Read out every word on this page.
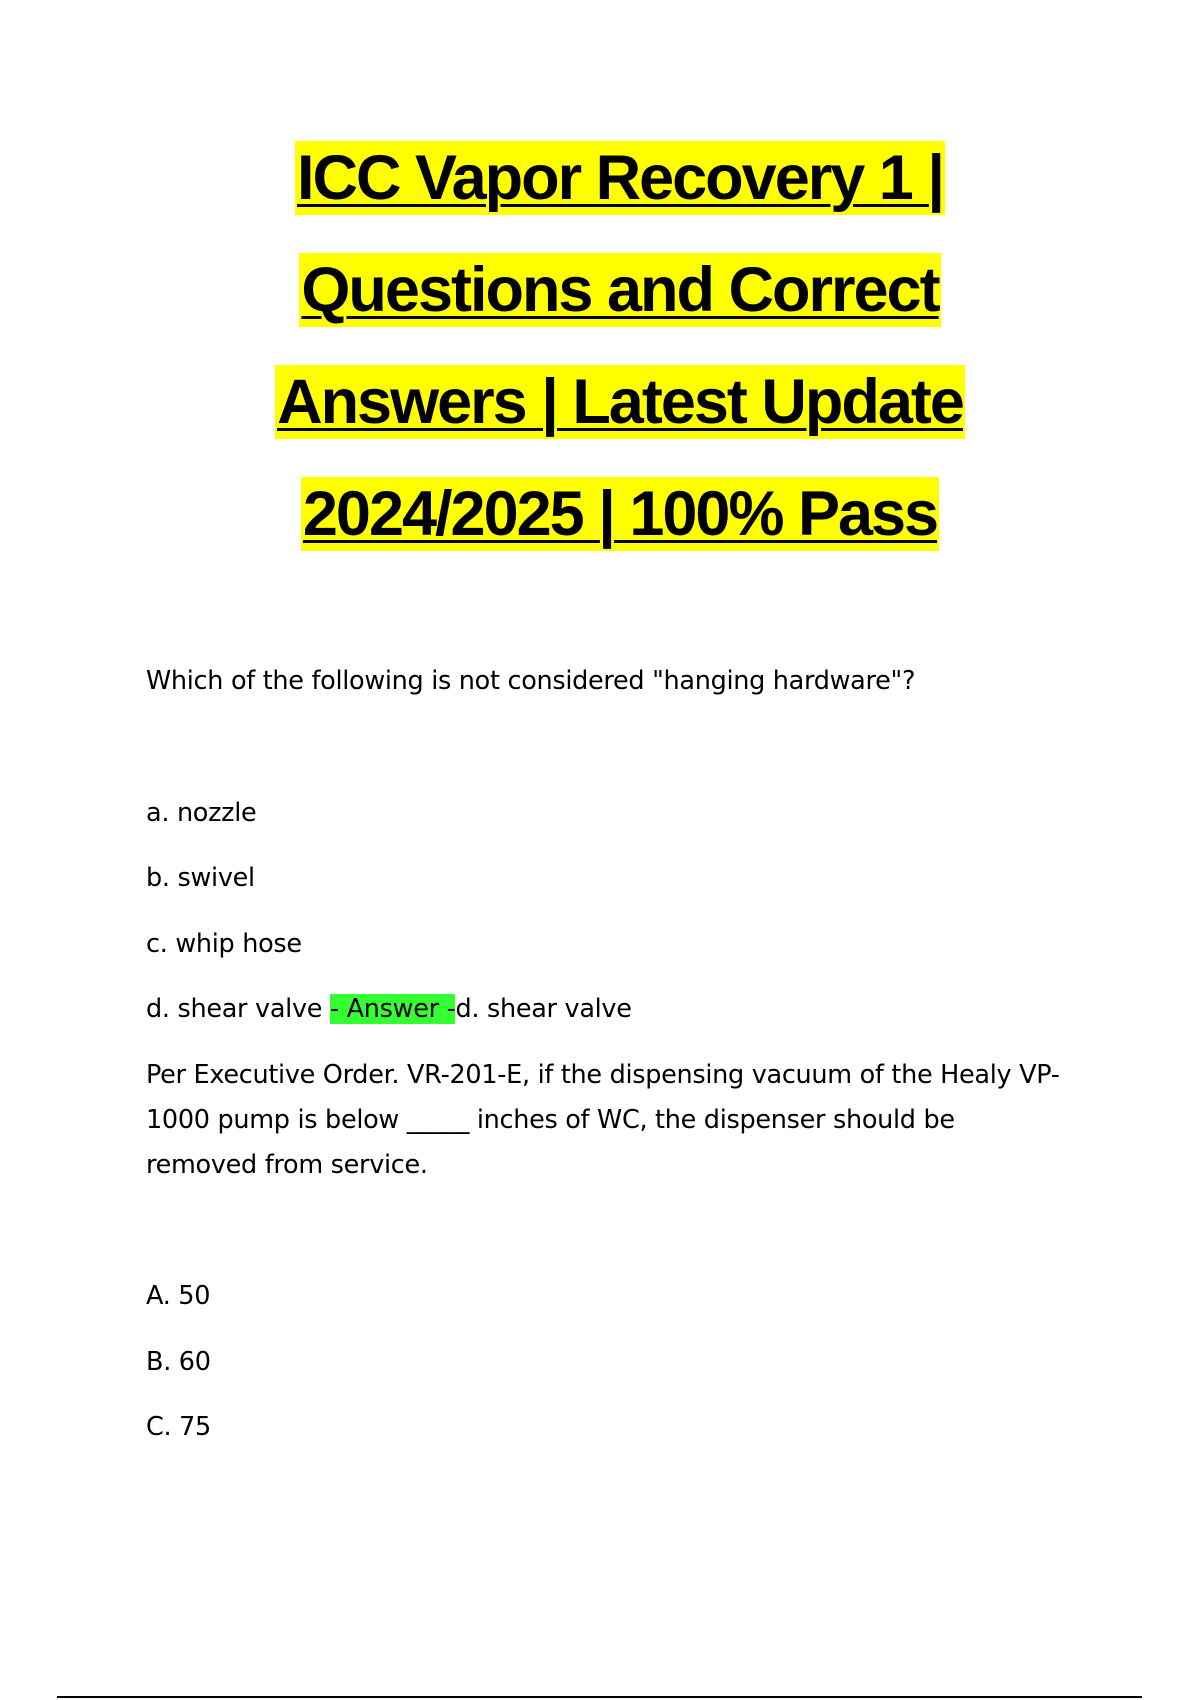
ICC Vapor Recovery 1 |
Questions and Correct
Answers | Latest Update
2024/2025 | 100% Pass
Which of the following is not considered "hanging hardware"?
a. nozzle
b. swivel
c. whip hose
d. shear valve - Answer -d. shear valve
Per Executive Order. VR-201-E, if the dispensing vacuum of the Healy VP-1000 pump is below _____ inches of WC, the dispenser should be removed from service.
A. 50
B. 60
C. 75
